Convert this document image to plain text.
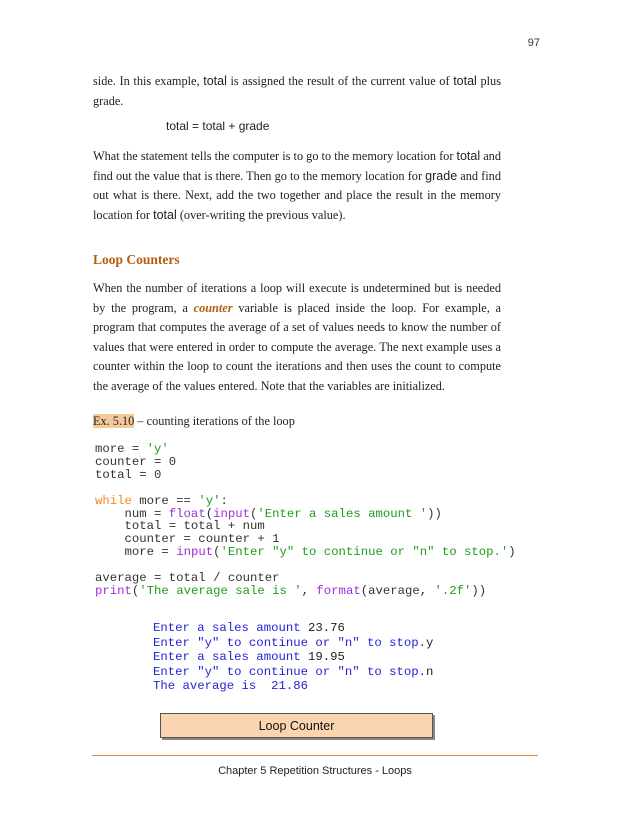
97

side. In this example, total is assigned the result of the current value of total plus grade.

total = total + grade

What the statement tells the computer is to go to the memory location for total and find out the value that is there. Then go to the memory location for grade and find out what is there. Next, add the two together and place the result in the memory location for total (over-writing the previous value).

Loop Counters

When the number of iterations a loop will execute is undetermined but is needed by the program, a counter variable is placed inside the loop. For example, a program that computes the average of a set of values needs to know the number of values that were entered in order to compute the average. The next example uses a counter within the loop to count the iterations and then uses the count to compute the average of the values entered. Note that the variables are initialized.

Ex. 5.10 – counting iterations of the loop
more = 'y'
counter = 0
total = 0

while more == 'y':
num = float(input('Enter a sales amount '))
total = total + num
counter = counter + 1
more = input('Enter "y" to continue or "n" to stop.')

average = total / counter
print('The average sale is ', format(average, '.2f'))
Enter a sales amount 23.76
Enter "y" to continue or "n" to stop.y
Enter a sales amount 19.95
Enter "y" to continue or "n" to stop.n
The average is  21.86
Loop Counter
Chapter 5 Repetition Structures - Loops
